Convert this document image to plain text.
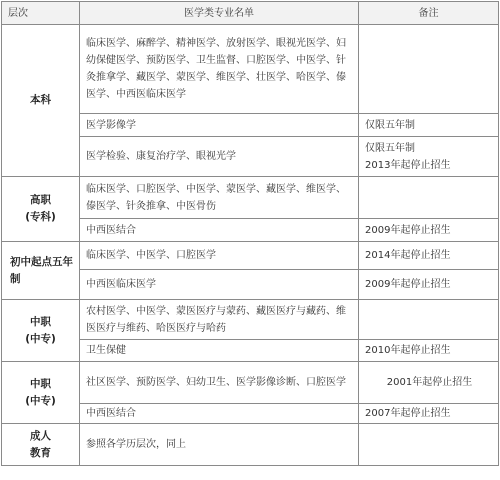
层次	医学类专业名单	备注

本科	临床医学、麻醉学、精神医学、放射医学、眼视光医学、妇幼保健医学、预防医学、卫生监督、口腔医学、中医学、针灸推拿学、藏医学、蒙医学、维医学、壮医学、哈医学、傣医学、中西医临床医学	
	医学影像学	仅限五年制

	医学检验、康复治疗学、眼视光学	仅限五年制
2013年起停止招生

高职
(专科)	临床医学、口腔医学、中医学、蒙医学、藏医学、维医学、傣医学、针灸推拿、中医骨伤	
	中西医结合	2009年起停止招生

初中起点五年
制	临床医学、中医学、口腔医学	2014年起停止招生

	中西医临床医学	2009年起停止招生

中职
(中专)	农村医学、中医学、蒙医医疗与蒙药、藏医医疗与藏药、维医医疗与维药、哈医医疗与哈药	
	卫生保健	2010年起停止招生

中职
(中专)	社区医学、预防医学、妇幼卫生、医学影像诊断、口腔医学	2001年起停止招生

	中西医结合	2007年起停止招生

成人
教育	参照各学历层次，同上	
